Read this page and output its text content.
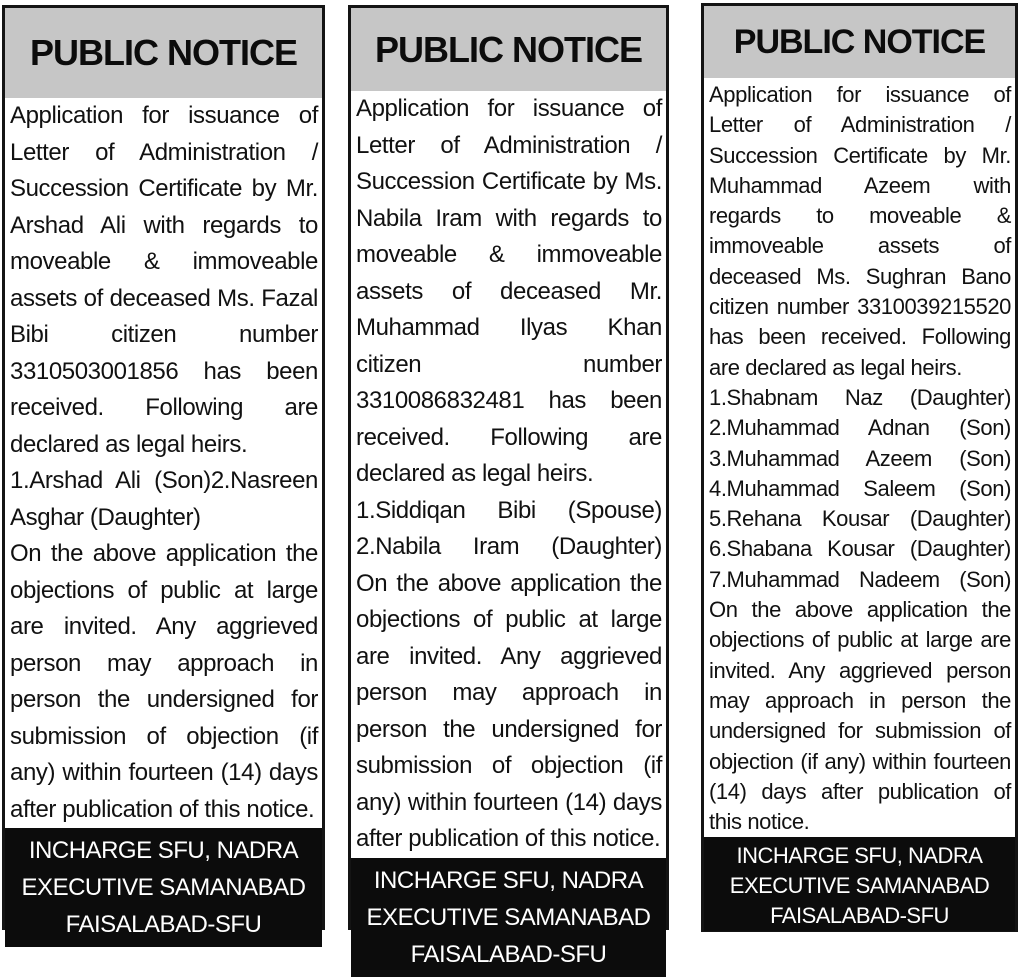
PUBLIC NOTICE

Application for issuance of Letter of Administration / Succession Certificate by Mr. Arshad Ali with regards to moveable & immoveable assets of deceased Ms. Fazal Bibi citizen number 3310503001856 has been received. Following are declared as legal heirs.

1.Arshad Ali (Son)2.Nasreen Asghar (Daughter)

On the above application the objections of public at large are invited. Any aggrieved person may approach in person the undersigned for submission of objection (if any) within fourteen (14) days after publication of this notice.

INCHARGE SFU, NADRA
EXECUTIVE SAMANABAD
FAISALABAD-SFU
PUBLIC NOTICE

Application for issuance of Letter of Administration / Succession Certificate by Ms. Nabila Iram with regards to moveable & immoveable assets of deceased Mr. Muhammad Ilyas Khan citizen number 3310086832481 has been received. Following are declared as legal heirs.

1.Siddiqan Bibi (Spouse)
2.Nabila Iram (Daughter)

On the above application the objections of public at large are invited. Any aggrieved person may approach in person the undersigned for submission of objection (if any) within fourteen (14) days after publication of this notice.

INCHARGE SFU, NADRA
EXECUTIVE SAMANABAD
FAISALABAD-SFU
PUBLIC NOTICE

Application for issuance of Letter of Administration / Succession Certificate by Mr. Muhammad Azeem with regards to moveable & immoveable assets of deceased Ms. Sughran Bano citizen number 3310039215520 has been received. Following are declared as legal heirs.

1.Shabnam Naz (Daughter)
2.Muhammad Adnan (Son)
3.Muhammad Azeem (Son)
4.Muhammad Saleem (Son)
5.Rehana Kousar (Daughter)
6.Shabana Kousar (Daughter)
7.Muhammad Nadeem (Son)

On the above application the objections of public at large are invited. Any aggrieved person may approach in person the undersigned for submission of objection (if any) within fourteen (14) days after publication of this notice.

INCHARGE SFU, NADRA
EXECUTIVE SAMANABAD
FAISALABAD-SFU
